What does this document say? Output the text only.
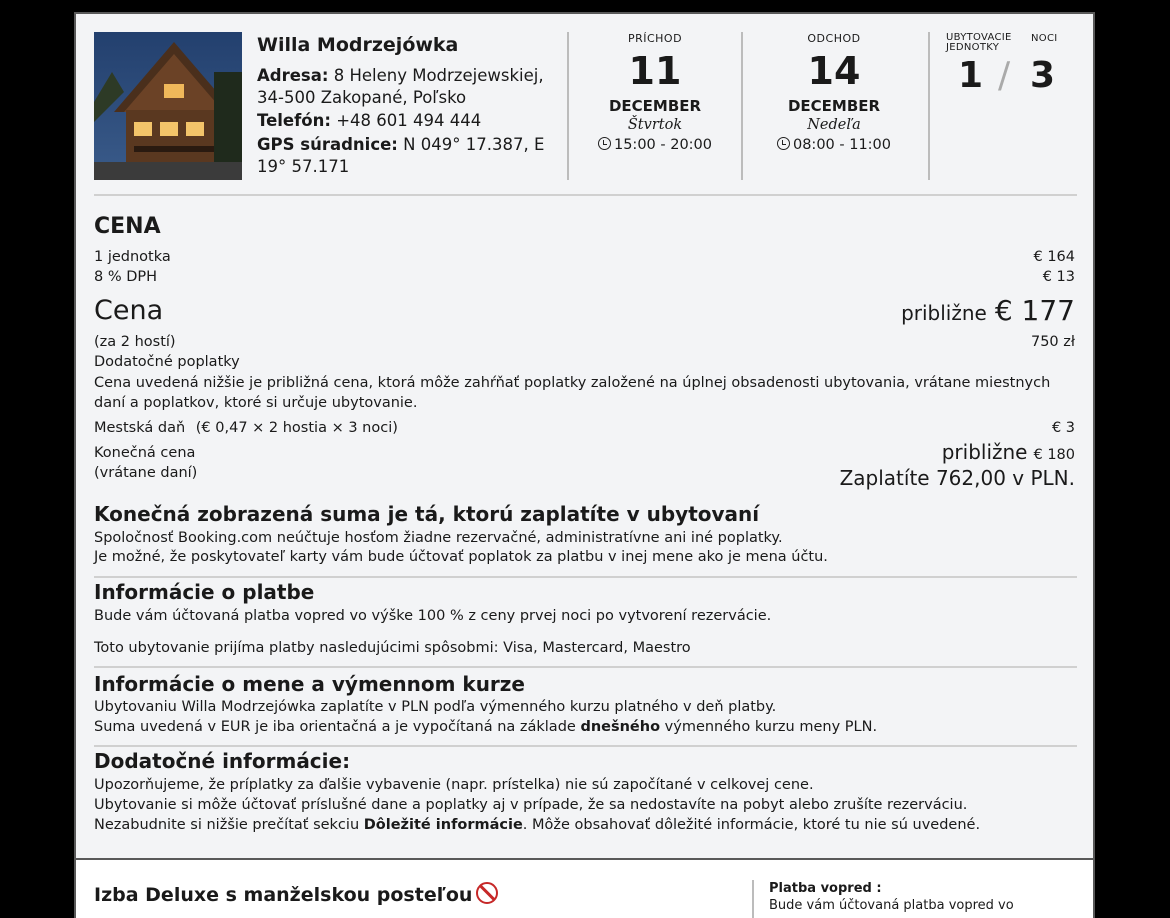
Willa Modrzejówka
Adresa: 8 Heleny Modrzejewskiej, 34-500 Zakopané, Poľsko
Telefón: +48 601 494 444
GPS súradnice: N 049° 17.387, E 19° 57.171
PRÍCHOD
11
DECEMBER
Štvrtok
15:00 - 20:00
ODCHOD
14
DECEMBER
Nedeľa
08:00 - 11:00
UBYTOVACIE JEDNOTKY
NOCI
1 / 3
CENA
1 jednotka	€ 164
8 % DPH	€ 13
Cena	približne € 177
(za 2 hostí)	750 zł
Dodatočné poplatky
Cena uvedená nižšie je približná cena, ktorá môže zahŕňať poplatky založené na úplnej obsadenosti ubytovania, vrátane miestnych daní a poplatkov, ktoré si určuje ubytovanie.
Mestská daň (€ 0,47 × 2 hostia × 3 noci)	€ 3
Konečná cena
(vrátane daní)
približne € 180
Zaplatíte 762,00 v PLN.
Konečná zobrazená suma je tá, ktorú zaplatíte v ubytovaní
Spoločnosť Booking.com neúčtuje hosťom žiadne rezervačné, administratívne ani iné poplatky.
Je možné, že poskytovateľ karty vám bude účtovať poplatok za platbu v inej mene ako je mena účtu.
Informácie o platbe
Bude vám účtovaná platba vopred vo výške 100 % z ceny prvej noci po vytvorení rezervácie.
Toto ubytovanie prijíma platby nasledujúcimi spôsobmi: Visa, Mastercard, Maestro
Informácie o mene a výmennom kurze
Ubytovaniu Willa Modrzejówka zaplatíte v PLN podľa výmenného kurzu platného v deň platby.
Suma uvedená v EUR je iba orientačná a je vypočítaná na základe dnešného výmenného kurzu meny PLN.
Dodatočné informácie:
Upozorňujeme, že príplatky za ďalšie vybavenie (napr. prístelka) nie sú započítané v celkovej cene.
Ubytovanie si môže účtovať príslušné dane a poplatky aj v prípade, že sa nedostavíte na pobyt alebo zrušíte rezerváciu.
Nezabudnite si nižšie prečítať sekciu Dôležité informácie. Môže obsahovať dôležité informácie, ktoré tu nie sú uvedené.
Izba Deluxe s manželskou posteľou	Platba vopred :
Bude vám účtovaná platba vopred vo
